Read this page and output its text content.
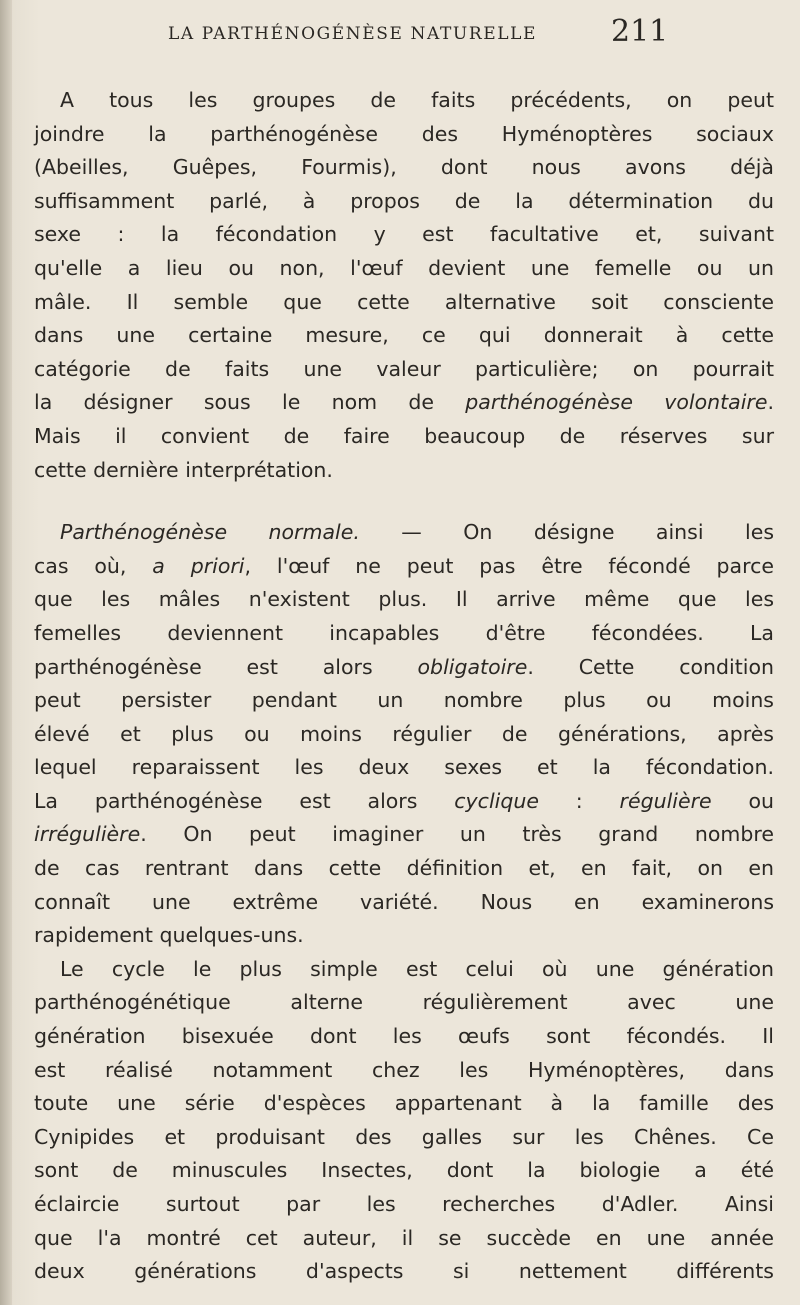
LA PARTHÉNOGÉNÈSE NATURELLE 211
A tous les groupes de faits précédents, on peut
joindre la parthénogénèse des Hyménoptères sociaux
(Abeilles, Guêpes, Fourmis), dont nous avons déjà
suffisamment parlé, à propos de la détermination du
sexe : la fécondation y est facultative et, suivant
qu'elle a lieu ou non, l'œuf devient une femelle ou un
mâle. Il semble que cette alternative soit consciente
dans une certaine mesure, ce qui donnerait à cette
catégorie de faits une valeur particulière; on pourrait
la désigner sous le nom de parthénogénèse volontaire.
Mais il convient de faire beaucoup de réserves sur
cette dernière interprétation.
Parthénogénèse normale. — On désigne ainsi les
cas où, a priori, l'œuf ne peut pas être fécondé parce
que les mâles n'existent plus. Il arrive même que les
femelles deviennent incapables d'être fécondées. La
parthénogénèse est alors obligatoire. Cette condition
peut persister pendant un nombre plus ou moins
élevé et plus ou moins régulier de générations, après
lequel reparaissent les deux sexes et la fécondation.
La parthénogénèse est alors cyclique : régulière ou
irrégulière. On peut imaginer un très grand nombre
de cas rentrant dans cette définition et, en fait, on en
connaît une extrême variété. Nous en examinerons
rapidement quelques-uns.
Le cycle le plus simple est celui où une génération
parthénogénétique alterne régulièrement avec une
génération bisexuée dont les œufs sont fécondés. Il
est réalisé notamment chez les Hyménoptères, dans
toute une série d'espèces appartenant à la famille des
Cynipides et produisant des galles sur les Chênes. Ce
sont de minuscules Insectes, dont la biologie a été
éclaircie surtout par les recherches d'Adler. Ainsi
que l'a montré cet auteur, il se succède en une année
deux générations d'aspects si nettement différents
